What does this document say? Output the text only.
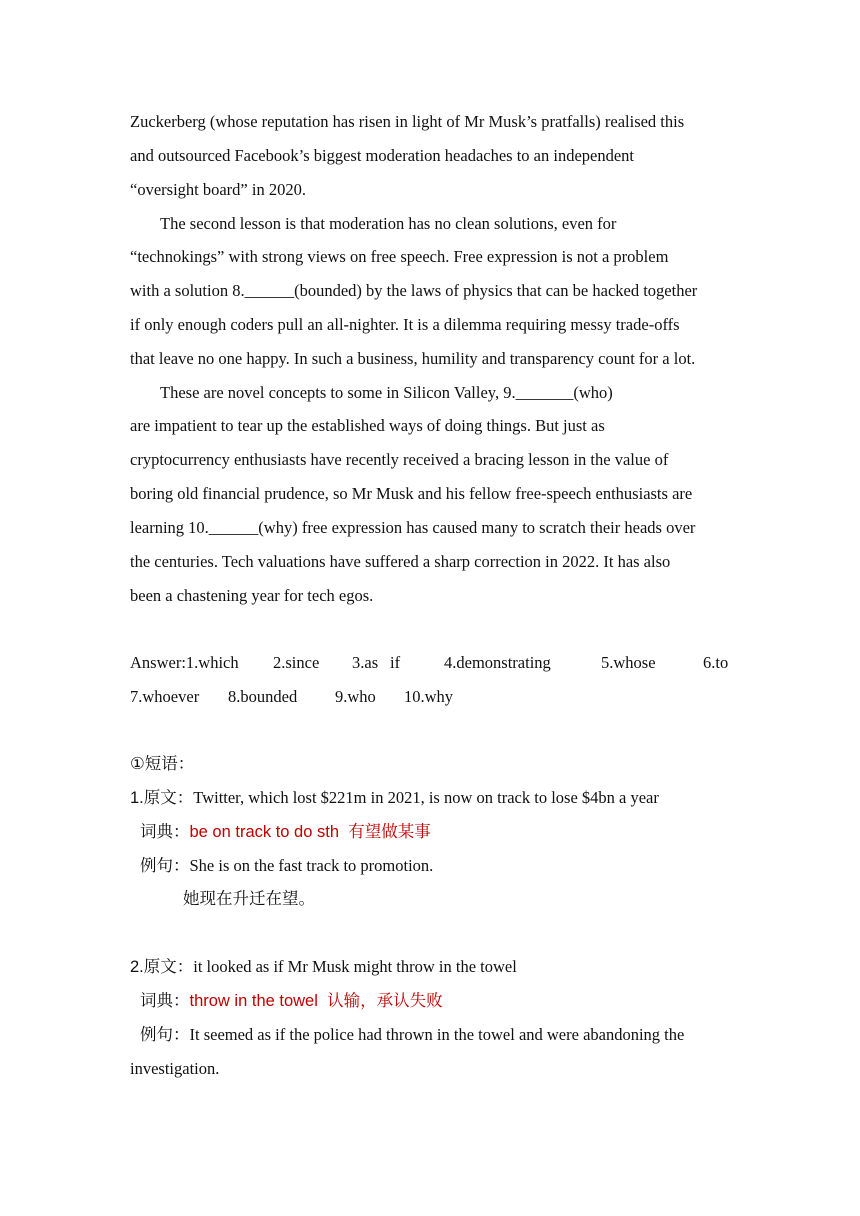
Zuckerberg (whose reputation has risen in light of Mr Musk’s pratfalls) realised this
and outsourced Facebook’s biggest moderation headaches to an independent
“oversight board” in 2020.
The second lesson is that moderation has no clean solutions, even for
“technokings” with strong views on free speech. Free expression is not a problem
with a solution 8.______(bounded) by the laws of physics that can be hacked together
if only enough coders pull an all-nighter. It is a dilemma requiring messy trade-offs
that leave no one happy. In such a business, humility and transparency count for a lot.
These are novel concepts to some in Silicon Valley, 9._______(who)
are impatient to tear up the established ways of doing things. But just as
cryptocurrency enthusiasts have recently received a bracing lesson in the value of
boring old financial prudence, so Mr Musk and his fellow free-speech enthusiasts are
learning 10.______(why) free expression has caused many to scratch their heads over
the centuries. Tech valuations have suffered a sharp correction in 2022. It has also
been a chastening year for tech egos.
Answer:1.which 2.since 3.as if	4.demonstrating	5.whose	6.to
7.whoever 8.bounded 9.who 10.why
①短语：
1.原文：Twitter, which lost $221m in 2021, is now on track to lose $4bn a year
词典：be on track to do sth 有望做某事
例句：She is on the fast track to promotion.
她现在升迁在望。
2.原文：it looked as if Mr Musk might throw in the towel
词典：throw in the towel 认输，承认失败
例句：It seemed as if the police had thrown in the towel and were abandoning the
investigation.
